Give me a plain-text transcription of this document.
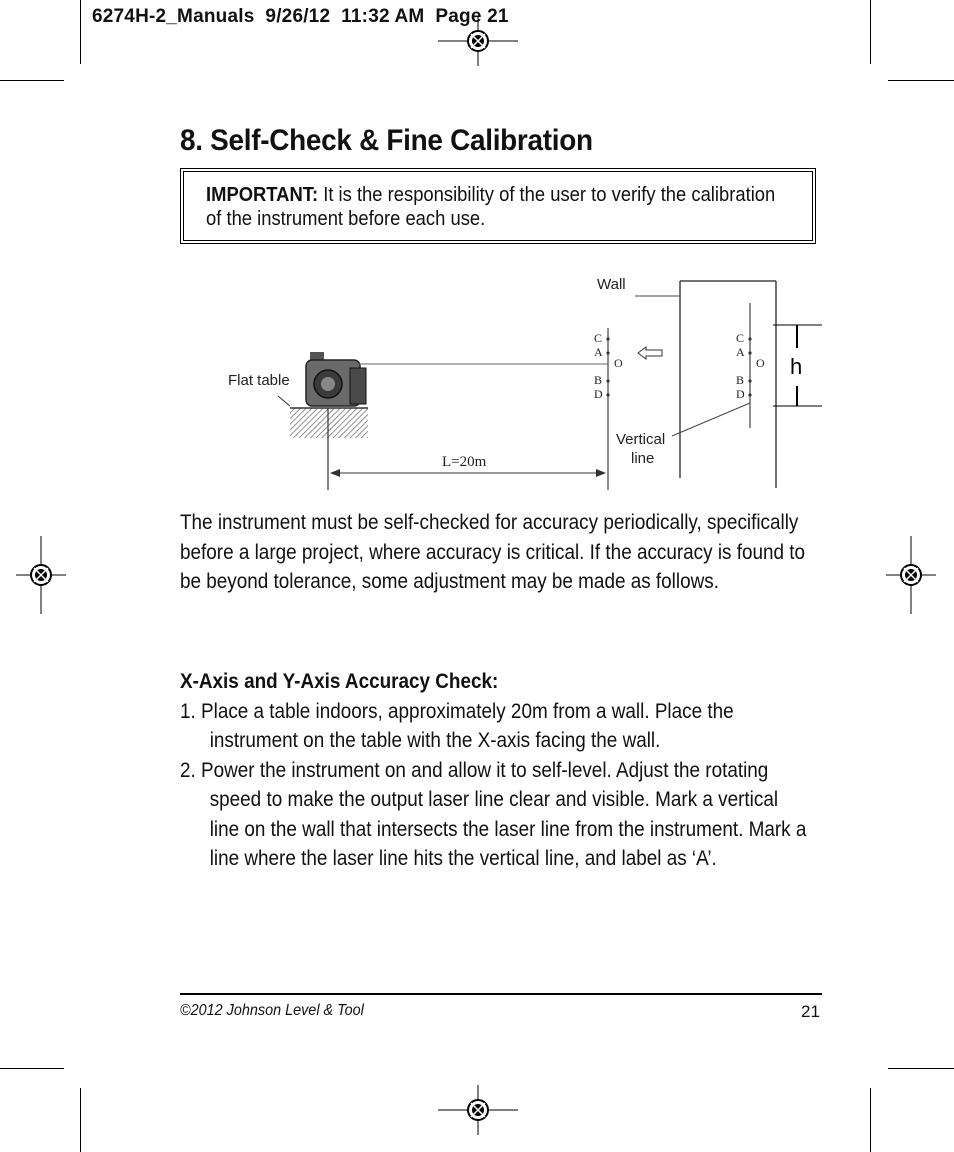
6274H-2_Manuals  9/26/12  11:32 AM  Page 21
8. Self-Check & Fine Calibration
IMPORTANT: It is the responsibility of the user to verify the calibration of the instrument before each use.
Wall
Flat table
L=20m
C
A
O
B
D
C
A
O
B
D
Vertical
line
h
The instrument must be self-checked for accuracy periodically, specifically before a large project, where accuracy is critical. If the accuracy is found to be beyond tolerance, some adjustment may be made as follows.
X-Axis and Y-Axis Accuracy Check:
1. Place a table indoors, approximately 20m from a wall. Place the instrument on the table with the X-axis facing the wall.
2. Power the instrument on and allow it to self-level. Adjust the rotating speed to make the output laser line clear and visible. Mark a vertical line on the wall that intersects the laser line from the instrument. Mark a line where the laser line hits the vertical line, and label as ‘A’.
©2012 Johnson Level & Tool	21
